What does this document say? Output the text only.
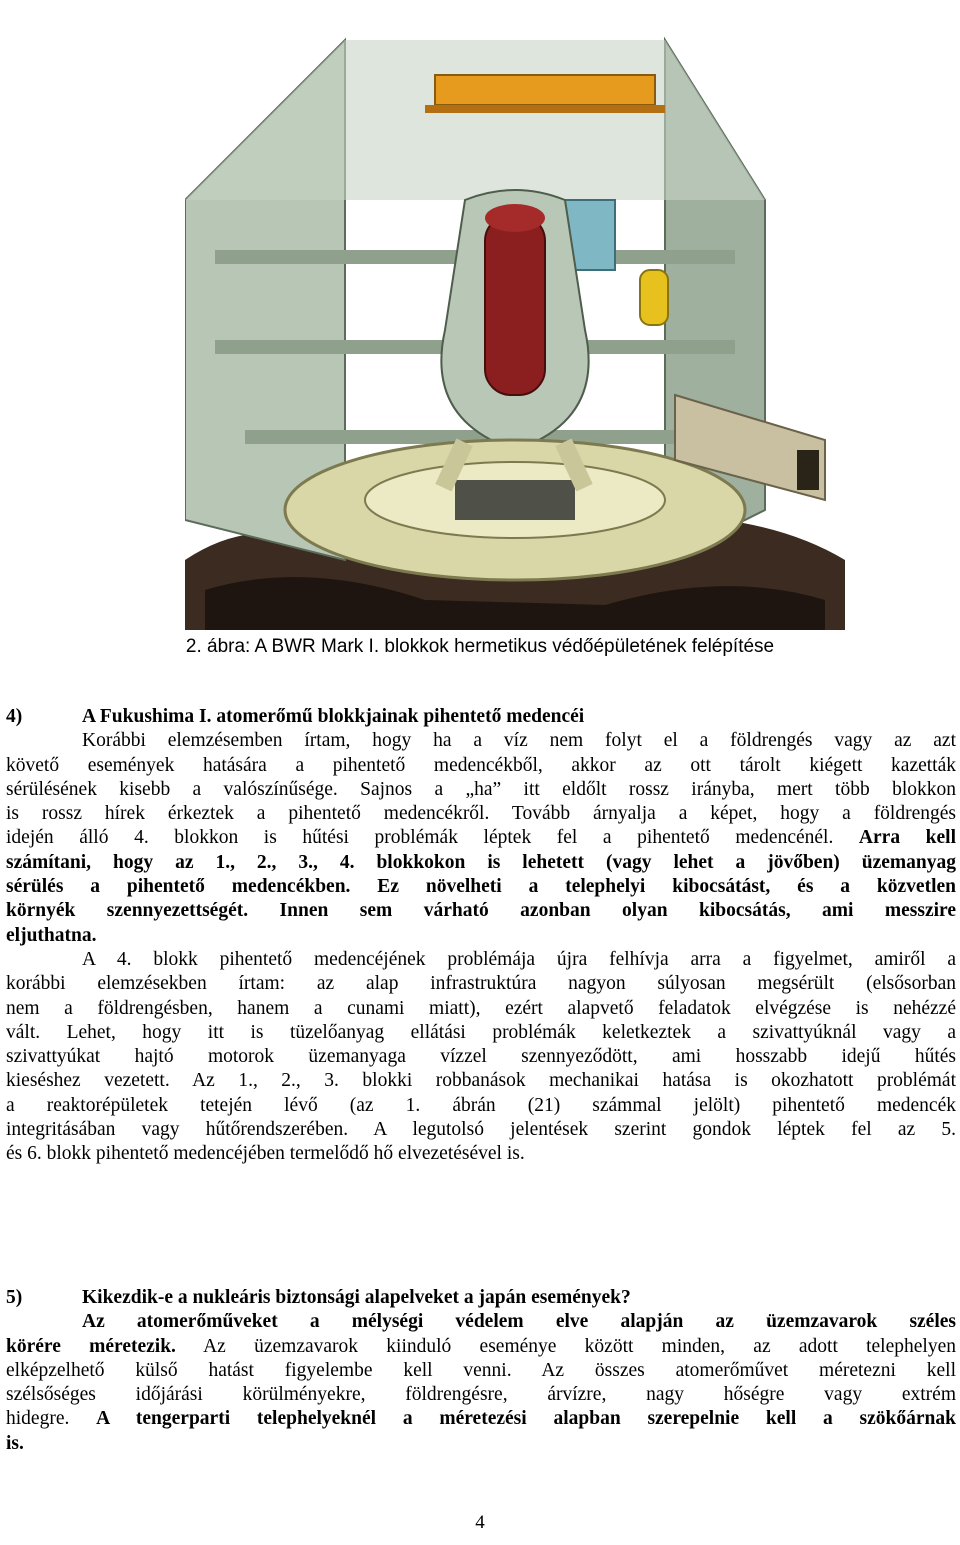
2. ábra: A BWR Mark I. blokkok hermetikus védőépületének felépítése
4)	A Fukushima I. atomerőmű blokkjainak pihentető medencéi
Korábbi elemzésemben írtam, hogy ha a víz nem folyt el a földrengés vagy az azt
követő események hatására a pihentető medencékből, akkor az ott tárolt kiégett kazetták
sérülésének kisebb a valószínűsége. Sajnos a „ha” itt eldőlt rossz irányba, mert több blokkon
is rossz hírek érkeztek a pihentető medencékről. Tovább árnyalja a képet, hogy a földrengés
idején álló 4. blokkon is hűtési problémák léptek fel a pihentető medencénél. Arra kell
számítani, hogy az 1., 2., 3., 4. blokkokon is lehetett (vagy lehet a jövőben) üzemanyag
sérülés a pihentető medencékben. Ez növelheti a telephelyi kibocsátást, és a közvetlen
környék szennyezettségét. Innen sem várható azonban olyan kibocsátás, ami messzire
eljuthatna.
A 4. blokk pihentető medencéjének problémája újra felhívja arra a figyelmet, amiről a
korábbi elemzésekben írtam: az alap infrastruktúra nagyon súlyosan megsérült (elsősorban
nem a földrengésben, hanem a cunami miatt), ezért alapvető feladatok elvégzése is nehézzé
vált. Lehet, hogy itt is tüzelőanyag ellátási problémák keletkeztek a szivattyúknál vagy a
szivattyúkat hajtó motorok üzemanyaga vízzel szennyeződött, ami hosszabb idejű hűtés
kieséshez vezetett. Az 1., 2., 3. blokki robbanások mechanikai hatása is okozhatott problémát
a reaktorépületek tetején lévő (az 1. ábrán (21) számmal jelölt) pihentető medencék
integritásában vagy hűtőrendszerében. A legutolsó jelentések szerint gondok léptek fel az 5.
és 6. blokk pihentető medencéjében termelődő hő elvezetésével is.
5)	Kikezdik-e a nukleáris biztonsági alapelveket a japán események?
Az atomerőműveket a mélységi védelem elve alapján az üzemzavarok széles
körére méretezik. Az üzemzavarok kiinduló eseménye között minden, az adott telephelyen
elképzelhető külső hatást figyelembe kell venni. Az összes atomerőművet méretezni kell
szélsőséges időjárási körülményekre, földrengésre, árvízre, nagy hőségre vagy extrém
hidegre. A tengerparti telephelyeknél a méretezési alapban szerepelnie kell a szökőárnak
is.
4
